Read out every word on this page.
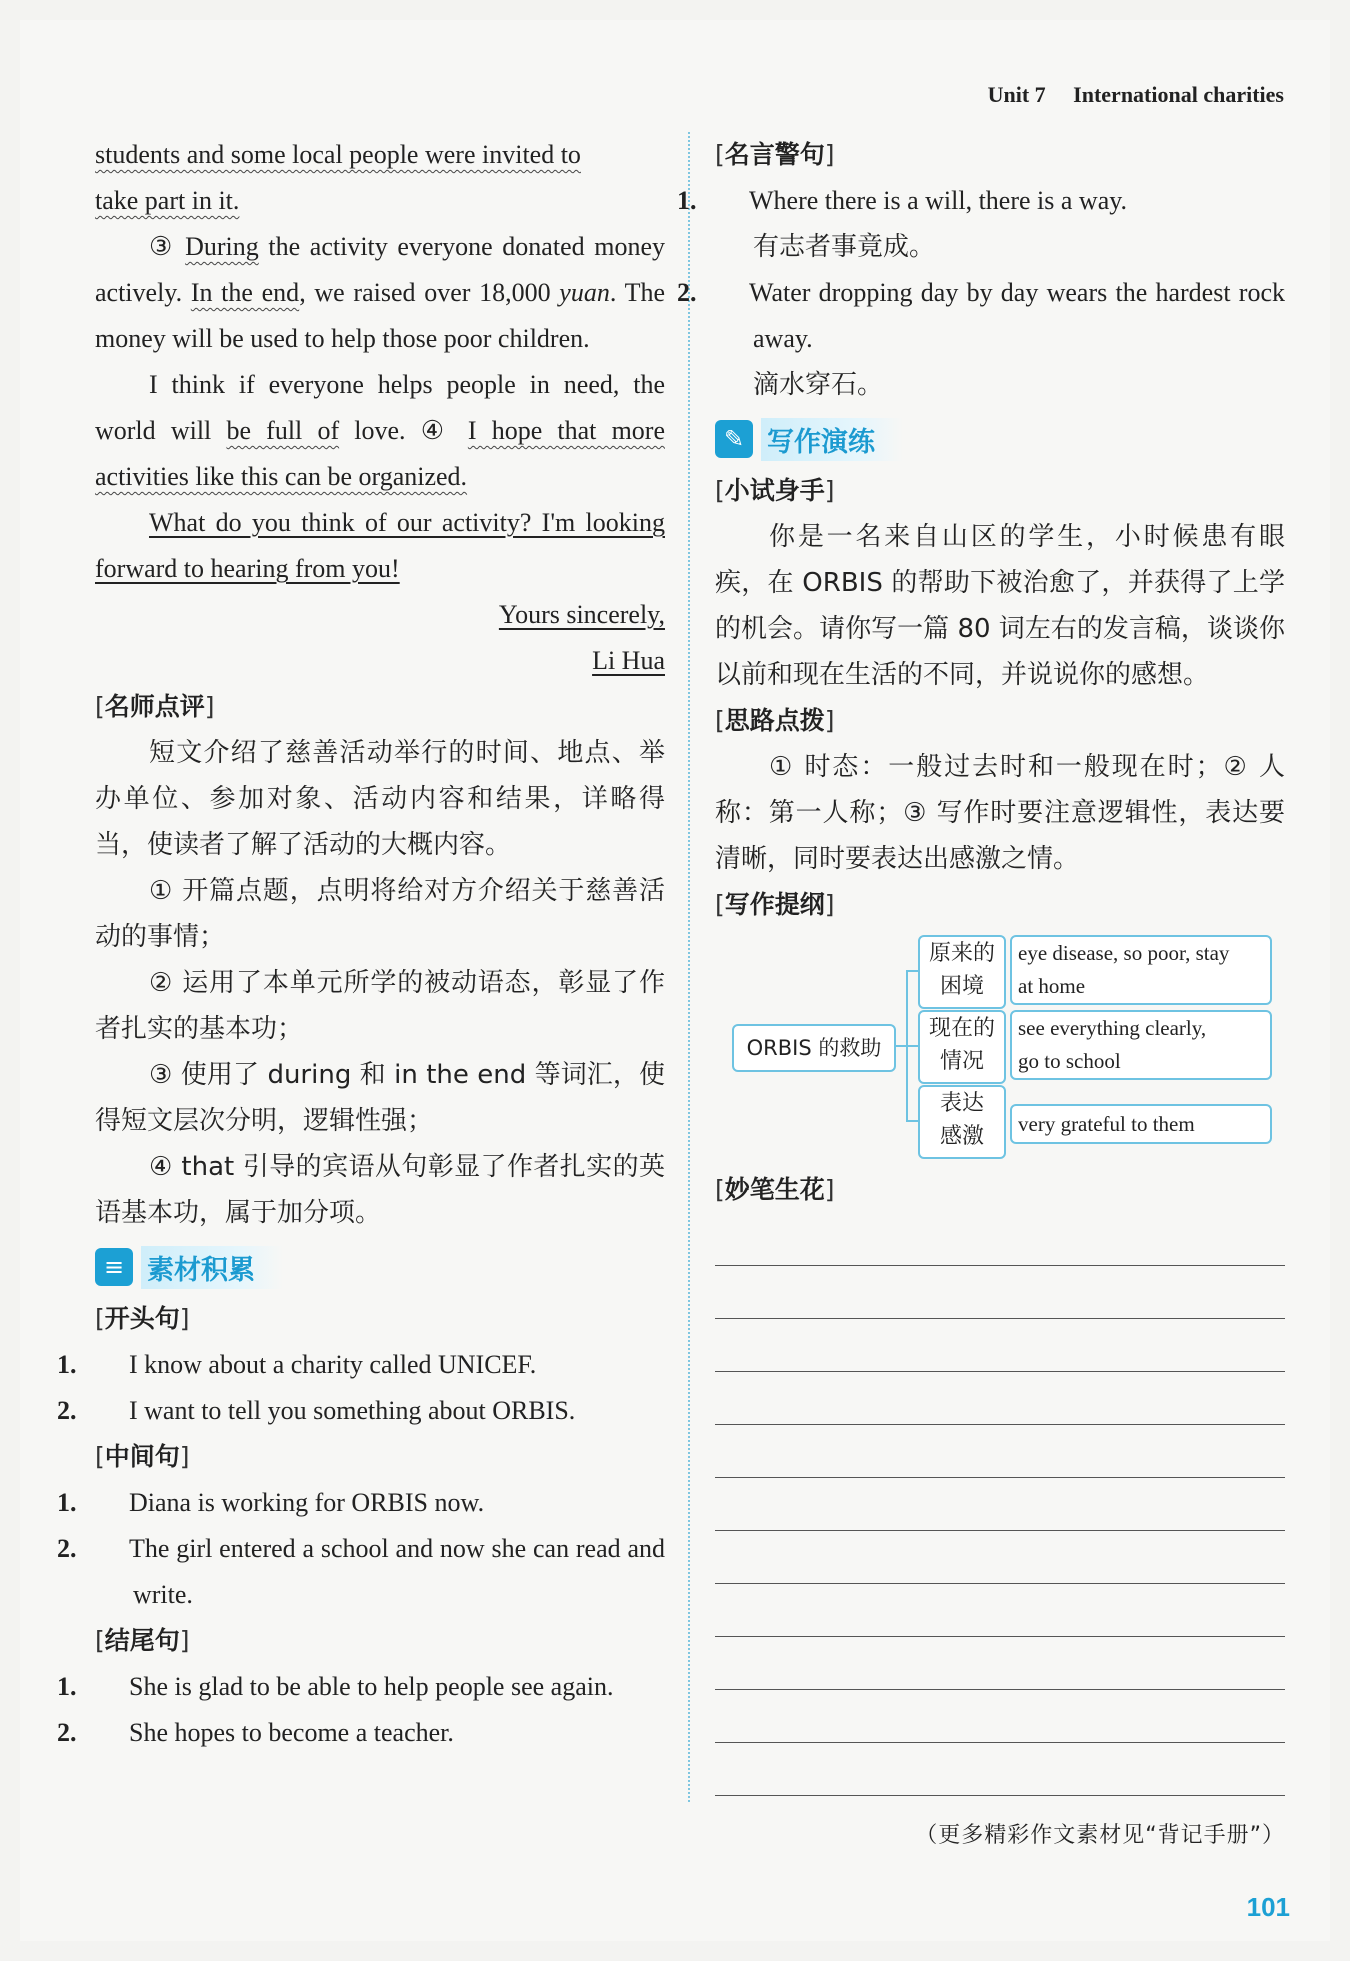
Unit 7 International charities

students and some local people were invited to
take part in it.

③ During the activity everyone donated money actively. In the end, we raised over 18,000 yuan. The money will be used to help those poor children.

I think if everyone helps people in need, the world will be full of love. ④ I hope that more activities like this can be organized.

What do you think of our activity? I'm looking forward to hearing from you!

Yours sincerely,

Li Hua

[名师点评]

短文介绍了慈善活动举行的时间、地点、举办单位、参加对象、活动内容和结果，详略得当，使读者了解了活动的大概内容。

① 开篇点题，点明将给对方介绍关于慈善活动的事情；

② 运用了本单元所学的被动语态，彰显了作者扎实的基本功；

③ 使用了 during 和 in the end 等词汇，使得短文层次分明，逻辑性强；

④ that 引导的宾语从句彰显了作者扎实的英语基本功，属于加分项。

≡ 素材积累
[开头句]

1. I know about a charity called UNICEF.

2. I want to tell you something about ORBIS.

[中间句]

1. Diana is working for ORBIS now.

2. The girl entered a school and now she can read and write.

[结尾句]

1. She is glad to be able to help people see again.

2. She hopes to become a teacher.

[名言警句]

1. Where there is a will, there is a way.

有志者事竟成。

2. Water dropping day by day wears the hardest rock away.

滴水穿石。

✎ 写作演练
[小试身手]

你是一名来自山区的学生，小时候患有眼疾，在 ORBIS 的帮助下被治愈了，并获得了上学的机会。请你写一篇 80 词左右的发言稿，谈谈你以前和现在生活的不同，并说说你的感想。

[思路点拨]

① 时态：一般过去时和一般现在时；② 人称：第一人称；③ 写作时要注意逻辑性，表达要清晰，同时要表达出感激之情。

[写作提纲]
ORBIS 的救助
原来的
困境
eye disease, so poor, stay
at home
现在的
情况
see everything clearly,
go to school
表达
感激	very grateful to them
[妙笔生花]
（更多精彩作文素材见“背记手册”）
101
